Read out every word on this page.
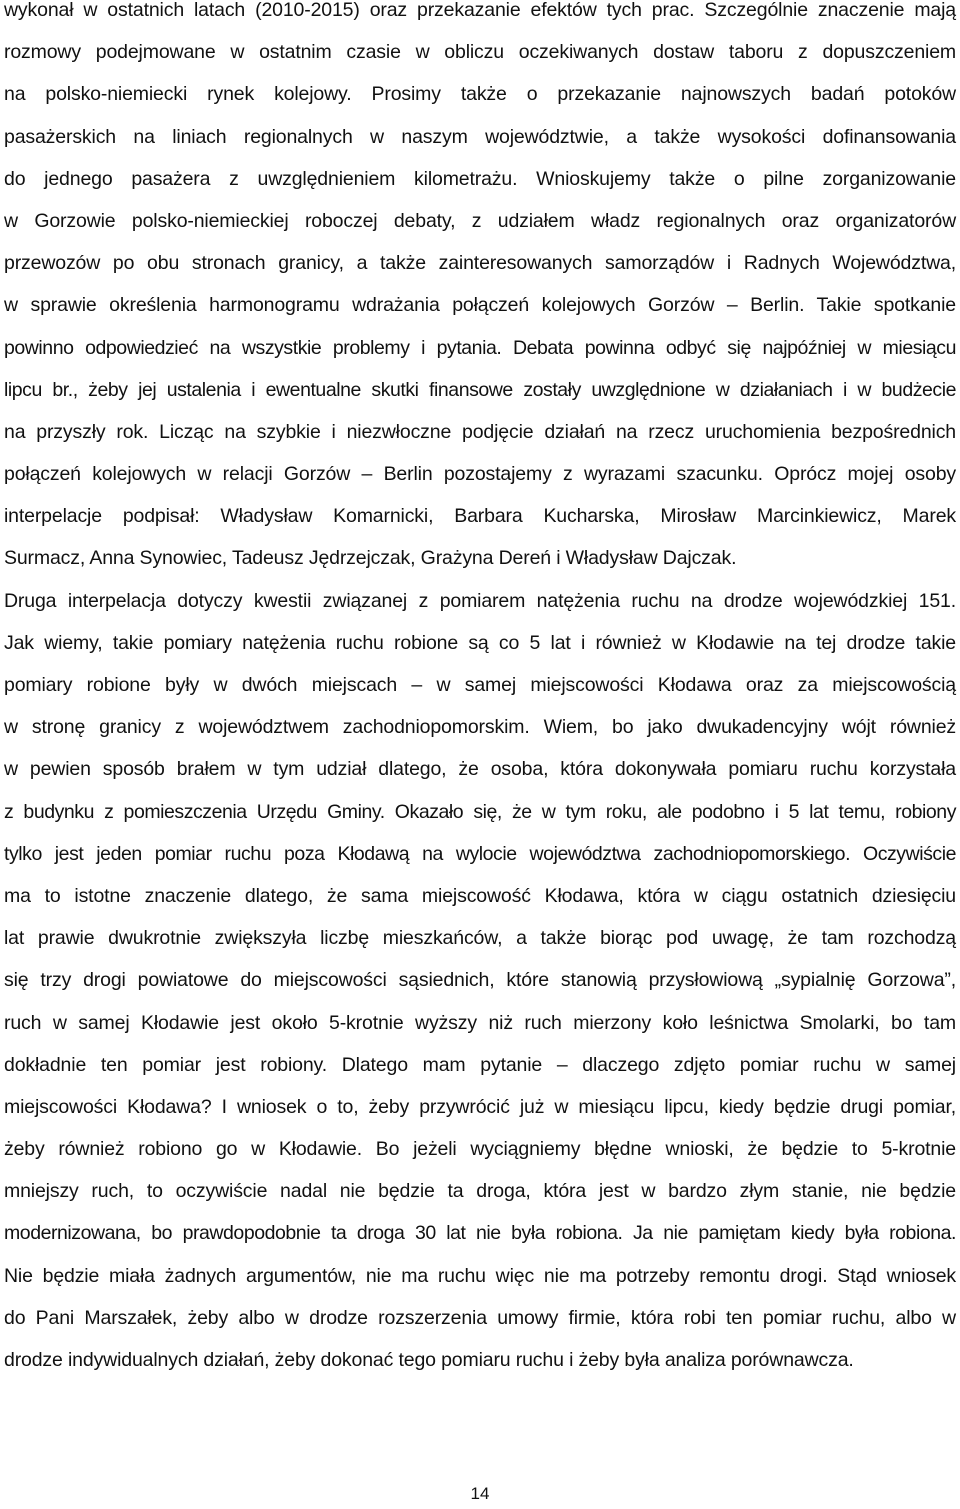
wykonał w ostatnich latach (2010-2015) oraz przekazanie efektów tych prac. Szczególnie znaczenie mają
rozmowy podejmowane w ostatnim czasie w obliczu oczekiwanych dostaw taboru z dopuszczeniem
na polsko-niemiecki rynek kolejowy. Prosimy także o przekazanie najnowszych badań potoków
pasażerskich na liniach regionalnych w naszym województwie, a także wysokości dofinansowania
do jednego pasażera z uwzględnieniem kilometrażu. Wnioskujemy także o pilne zorganizowanie
w Gorzowie polsko-niemieckiej roboczej debaty, z udziałem władz regionalnych oraz organizatorów
przewozów po obu stronach granicy, a także zainteresowanych samorządów i Radnych Województwa,
w sprawie określenia harmonogramu wdrażania połączeń kolejowych Gorzów – Berlin. Takie spotkanie
powinno odpowiedzieć na wszystkie problemy i pytania. Debata powinna odbyć się najpóźniej w miesiącu
lipcu br., żeby jej ustalenia i ewentualne skutki finansowe zostały uwzględnione w działaniach i w budżecie
na przyszły rok. Licząc na szybkie i niezwłoczne podjęcie działań na rzecz uruchomienia bezpośrednich
połączeń kolejowych w relacji Gorzów – Berlin pozostajemy z wyrazami szacunku. Oprócz mojej osoby
interpelacje podpisał: Władysław Komarnicki, Barbara Kucharska, Mirosław Marcinkiewicz, Marek
Surmacz, Anna Synowiec, Tadeusz Jędrzejczak, Grażyna Dereń i Władysław Dajczak.
Druga interpelacja dotyczy kwestii związanej z pomiarem natężenia ruchu na drodze wojewódzkiej 151.
Jak wiemy, takie pomiary natężenia ruchu robione są co 5 lat i również w Kłodawie na tej drodze takie
pomiary robione były w dwóch miejscach – w samej miejscowości Kłodawa oraz za miejscowością
w stronę granicy z województwem zachodniopomorskim. Wiem, bo jako dwukadencyjny wójt również
w pewien sposób brałem w tym udział dlatego, że osoba, która dokonywała pomiaru ruchu korzystała
z budynku z pomieszczenia Urzędu Gminy. Okazało się, że w tym roku, ale podobno i 5 lat temu, robiony
tylko jest jeden pomiar ruchu poza Kłodawą na wylocie województwa zachodniopomorskiego. Oczywiście
ma to istotne znaczenie dlatego, że sama miejscowość Kłodawa, która w ciągu ostatnich dziesięciu
lat prawie dwukrotnie zwiększyła liczbę mieszkańców, a także biorąc pod uwagę, że tam rozchodzą
się trzy drogi powiatowe do miejscowości sąsiednich, które stanowią przysłowiową „sypialnię Gorzowa”,
ruch w samej Kłodawie jest około 5-krotnie wyższy niż ruch mierzony koło leśnictwa Smolarki, bo tam
dokładnie ten pomiar jest robiony. Dlatego mam pytanie – dlaczego zdjęto pomiar ruchu w samej
miejscowości Kłodawa? I wniosek o to, żeby przywrócić już w miesiącu lipcu, kiedy będzie drugi pomiar,
żeby również robiono go w Kłodawie. Bo jeżeli wyciągniemy błędne wnioski, że będzie to 5-krotnie
mniejszy ruch, to oczywiście nadal nie będzie ta droga, która jest w bardzo złym stanie, nie będzie
modernizowana, bo prawdopodobnie ta droga 30 lat nie była robiona. Ja nie pamiętam kiedy była robiona.
Nie będzie miała żadnych argumentów, nie ma ruchu więc nie ma potrzeby remontu drogi. Stąd wniosek
do Pani Marszałek, żeby albo w drodze rozszerzenia umowy firmie, która robi ten pomiar ruchu, albo w
drodze indywidualnych działań, żeby dokonać tego pomiaru ruchu i żeby była analiza porównawcza.
14
